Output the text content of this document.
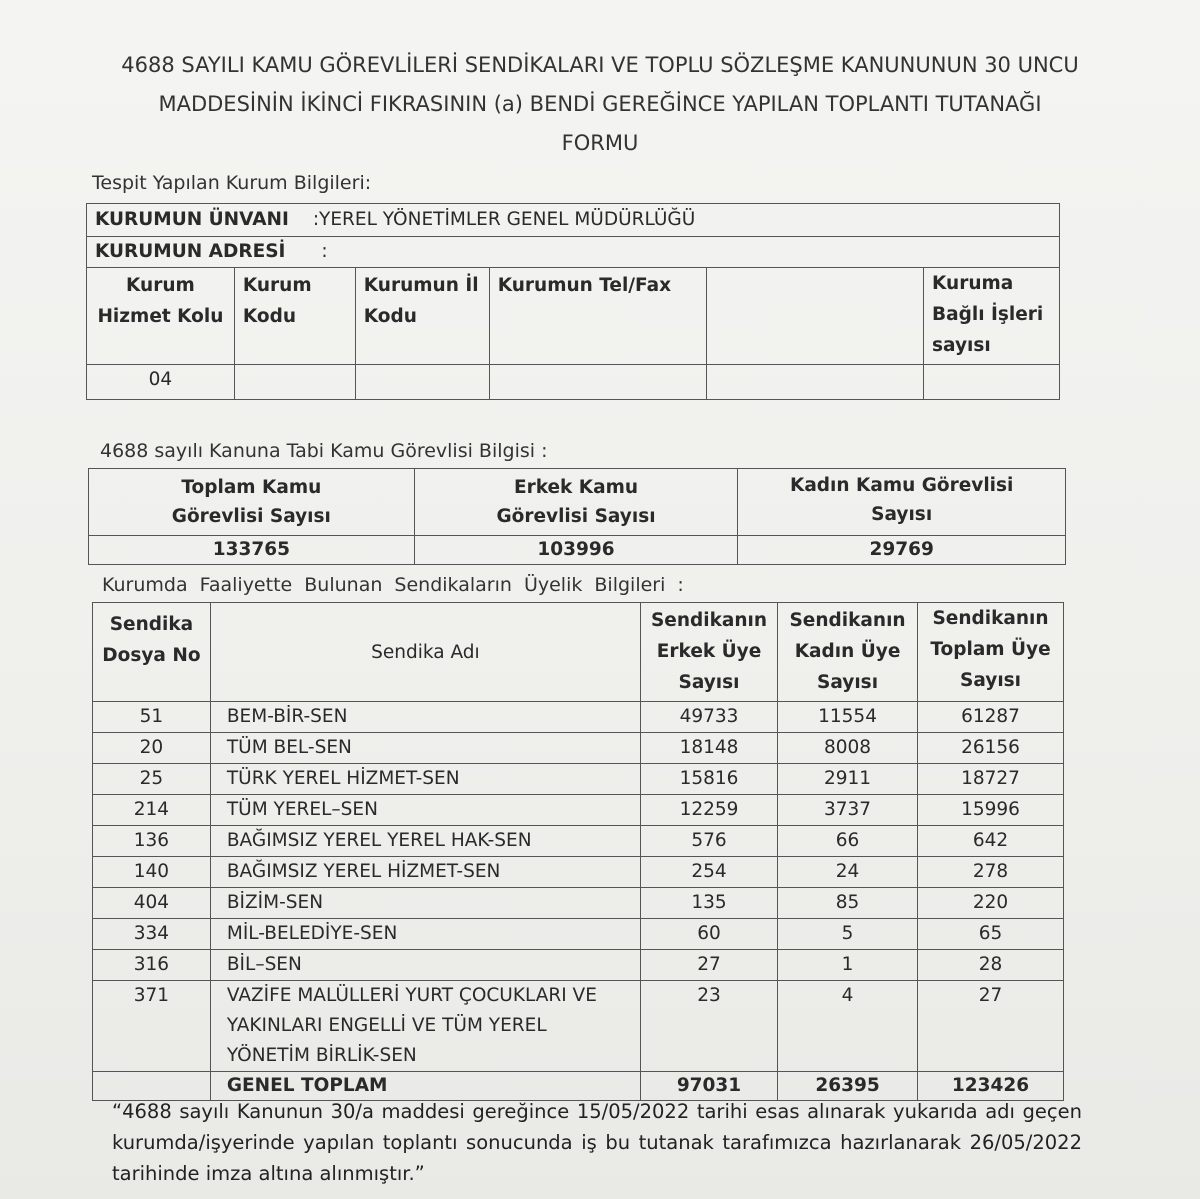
4688 SAYILI KAMU GÖREVLİLERİ SENDİKALARI VE TOPLU SÖZLEŞME KANUNUNUN 30 UNCU
MADDESİNİN İKİNCİ FIKRASININ (a) BENDİ GEREĞİNCE YAPILAN TOPLANTI TUTANAĞI
FORMU
Tespit Yapılan Kurum Bilgileri:
KURUMUN ÜNVANI :YEREL YÖNETİMLER GENEL MÜDÜRLÜĞÜ					
KURUMUN ADRESİ :					
Kurum Hizmet Kolu	Kurum Kodu	Kurumun İl Kodu	Kurumun Tel/Fax		Kuruma Bağlı İşleri sayısı
04					
4688 sayılı Kanuna Tabi Kamu Görevlisi Bilgisi :
Toplam Kamu Görevlisi Sayısı	Erkek Kamu Görevlisi Sayısı	Kadın Kamu Görevlisi Sayısı
133765	103996	29769
Kurumda Faaliyette Bulunan Sendikaların Üyelik Bilgileri :
Sendika Dosya No	Sendika Adı	Sendikanın Erkek Üye Sayısı	Sendikanın Kadın Üye Sayısı	Sendikanın Toplam Üye Sayısı
51	BEM-BİR-SEN	49733	11554	61287
20	TÜM BEL-SEN	18148	8008	26156
25	TÜRK YEREL HİZMET-SEN	15816	2911	18727
214	TÜM YEREL–SEN	12259	3737	15996
136	BAĞIMSIZ YEREL YEREL HAK-SEN	576	66	642
140	BAĞIMSIZ YEREL HİZMET-SEN	254	24	278
404	BİZİM-SEN	135	85	220
334	MİL-BELEDİYE-SEN	60	5	65
316	BİL–SEN	27	1	28
371	VAZİFE MALÜLLERİ YURT ÇOCUKLARI VE YAKINLARI ENGELLİ VE TÜM YEREL YÖNETİM BİRLİK-SEN	23	4	27
	GENEL TOPLAM	97031	26395	123426
“4688 sayılı Kanunun 30/a maddesi gereğince 15/05/2022 tarihi esas alınarak yukarıda adı geçen kurumda/işyerinde yapılan toplantı sonucunda iş bu tutanak tarafımızca hazırlanarak 26/05/2022 tarihinde imza altına alınmıştır.”
